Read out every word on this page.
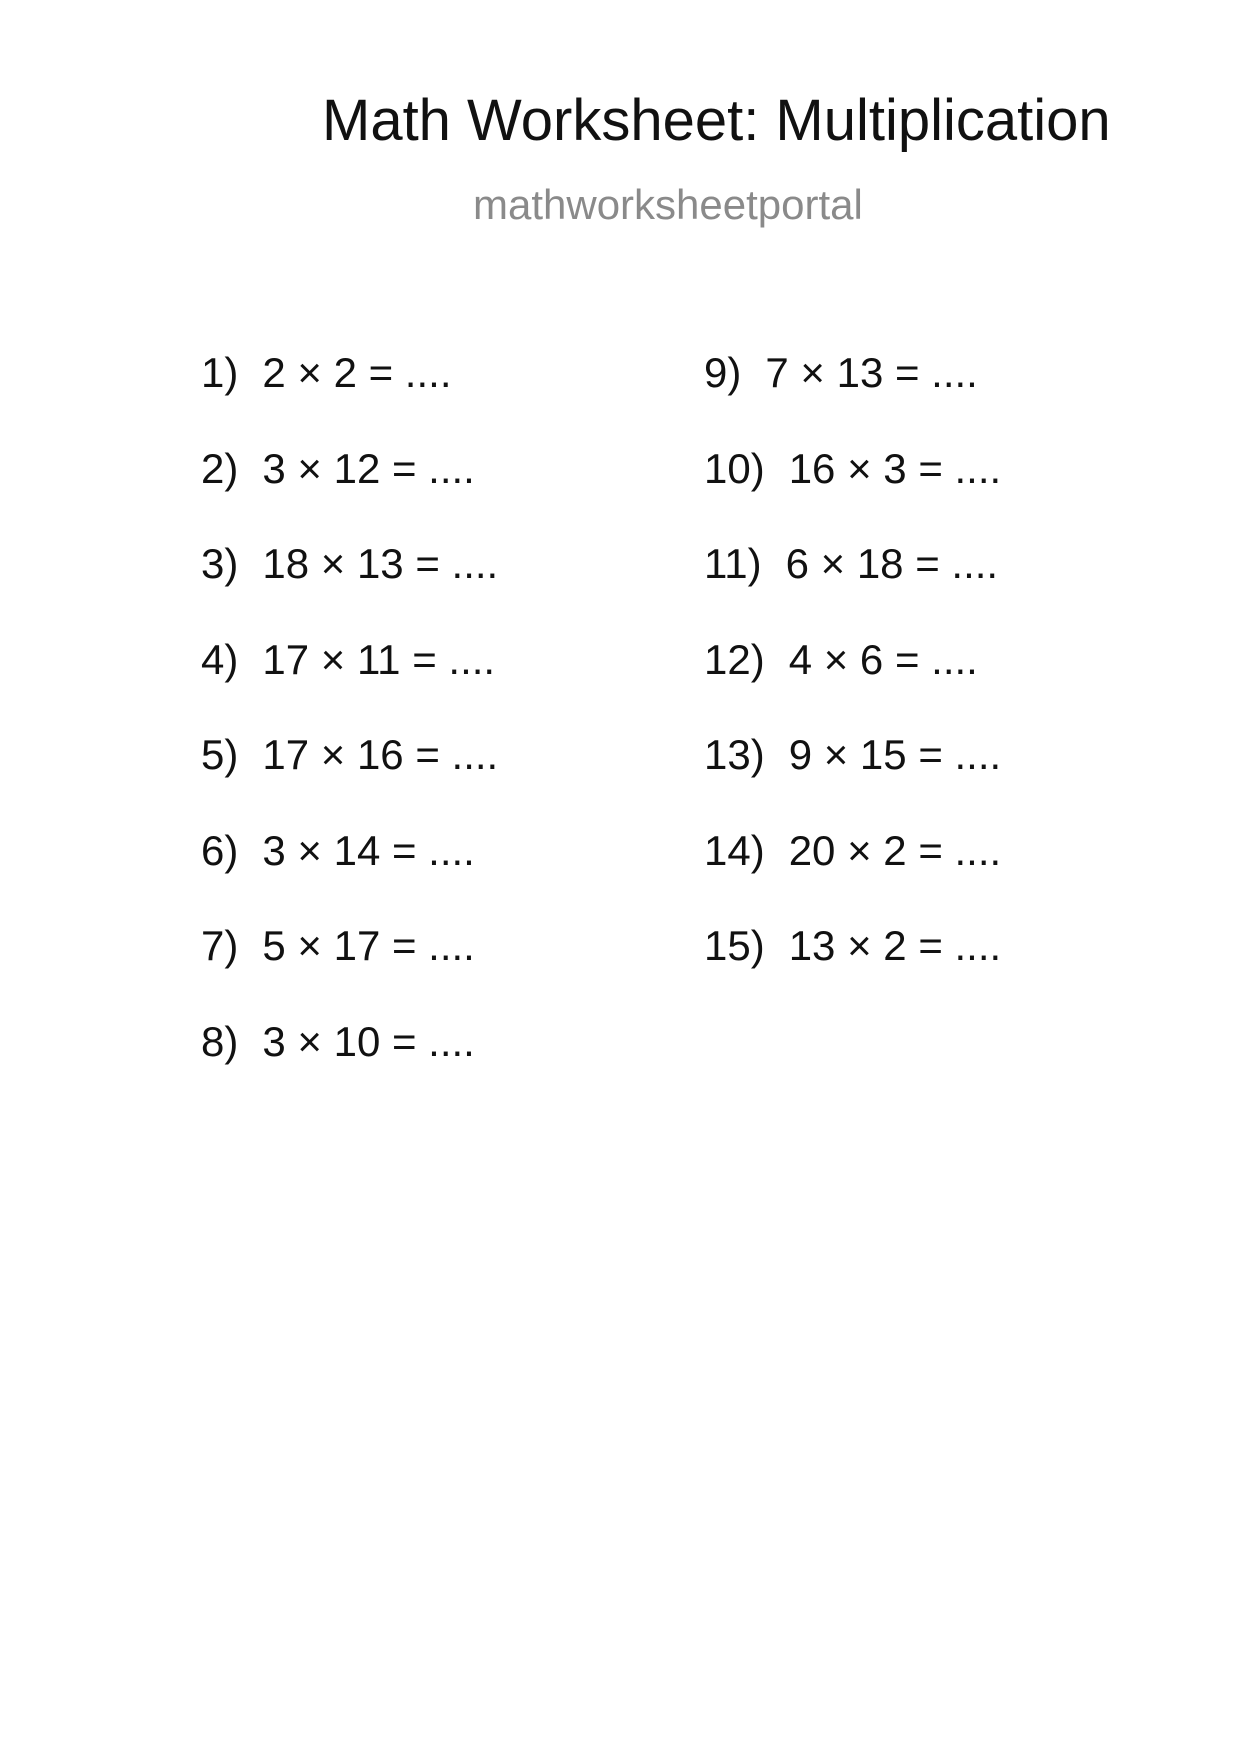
Math Worksheet: Multiplication
mathworksheetportal
1) 2 × 2 = ....
2) 3 × 12 = ....
3) 18 × 13 = ....
4) 17 × 11 = ....
5) 17 × 16 = ....
6) 3 × 14 = ....
7) 5 × 17 = ....
8) 3 × 10 = ....
9) 7 × 13 = ....
10) 16 × 3 = ....
11) 6 × 18 = ....
12) 4 × 6 = ....
13) 9 × 15 = ....
14) 20 × 2 = ....
15) 13 × 2 = ....
